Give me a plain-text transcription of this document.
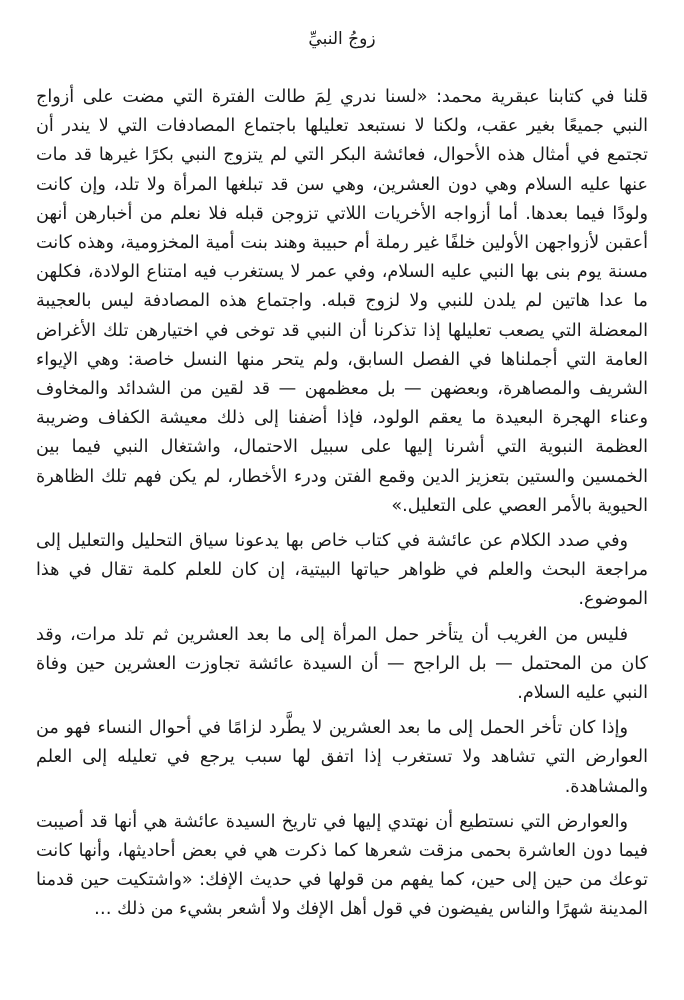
زوجُ النبيِّ

قلنا في كتابنا عبقرية محمد: «لسنا ندري لِمَ طالت الفترة التي مضت على أزواج النبي جميعًا بغير عقب، ولكنا لا نستبعد تعليلها باجتماع المصادفات التي لا يندر أن تجتمع في أمثال هذه الأحوال، فعائشة البكر التي لم يتزوج النبي بكرًا غيرها قد مات عنها عليه السلام وهي دون العشرين، وهي سن قد تبلغها المرأة ولا تلد، وإن كانت ولودًا فيما بعدها. أما أزواجه الأخريات اللاتي تزوجن قبله فلا نعلم من أخبارهن أنهن أعقبن لأزواجهن الأولين خلفًا غير رملة أم حبيبة وهند بنت أمية المخزومية، وهذه كانت مسنة يوم بنى بها النبي عليه السلام، وفي عمر لا يستغرب فيه امتناع الولادة، فكلهن ما عدا هاتين لم يلدن للنبي ولا لزوج قبله. واجتماع هذه المصادفة ليس بالعجيبة المعضلة التي يصعب تعليلها إذا تذكرنا أن النبي قد توخى في اختيارهن تلك الأغراض العامة التي أجملناها في الفصل السابق، ولم يتحر منها النسل خاصة: وهي الإيواء الشريف والمصاهرة، وبعضهن — بل معظمهن — قد لقين من الشدائد والمخاوف وعناء الهجرة البعيدة ما يعقم الولود، فإذا أضفنا إلى ذلك معيشة الكفاف وضريبة العظمة النبوية التي أشرنا إليها على سبيل الاحتمال، واشتغال النبي فيما بين الخمسين والستين بتعزيز الدين وقمع الفتن ودرء الأخطار، لم يكن فهم تلك الظاهرة الحيوية بالأمر العصي على التعليل.»

وفي صدد الكلام عن عائشة في كتاب خاص بها يدعونا سياق التحليل والتعليل إلى مراجعة البحث والعلم في ظواهر حياتها البيتية، إن كان للعلم كلمة تقال في هذا الموضوع.

فليس من الغريب أن يتأخر حمل المرأة إلى ما بعد العشرين ثم تلد مرات، وقد كان من المحتمل — بل الراجح — أن السيدة عائشة تجاوزت العشرين حين وفاة النبي عليه السلام.

وإذا كان تأخر الحمل إلى ما بعد العشرين لا يطَّرد لزامًا في أحوال النساء فهو من العوارض التي تشاهد ولا تستغرب إذا اتفق لها سبب يرجع في تعليله إلى العلم والمشاهدة.

والعوارض التي نستطيع أن نهتدي إليها في تاريخ السيدة عائشة هي أنها قد أصيبت فيما دون العاشرة بحمى مزقت شعرها كما ذكرت هي في بعض أحاديثها، وأنها كانت توعك من حين إلى حين، كما يفهم من قولها في حديث الإفك: «واشتكيت حين قدمنا المدينة شهرًا والناس يفيضون في قول أهل الإفك ولا أشعر بشيء من ذلك …
